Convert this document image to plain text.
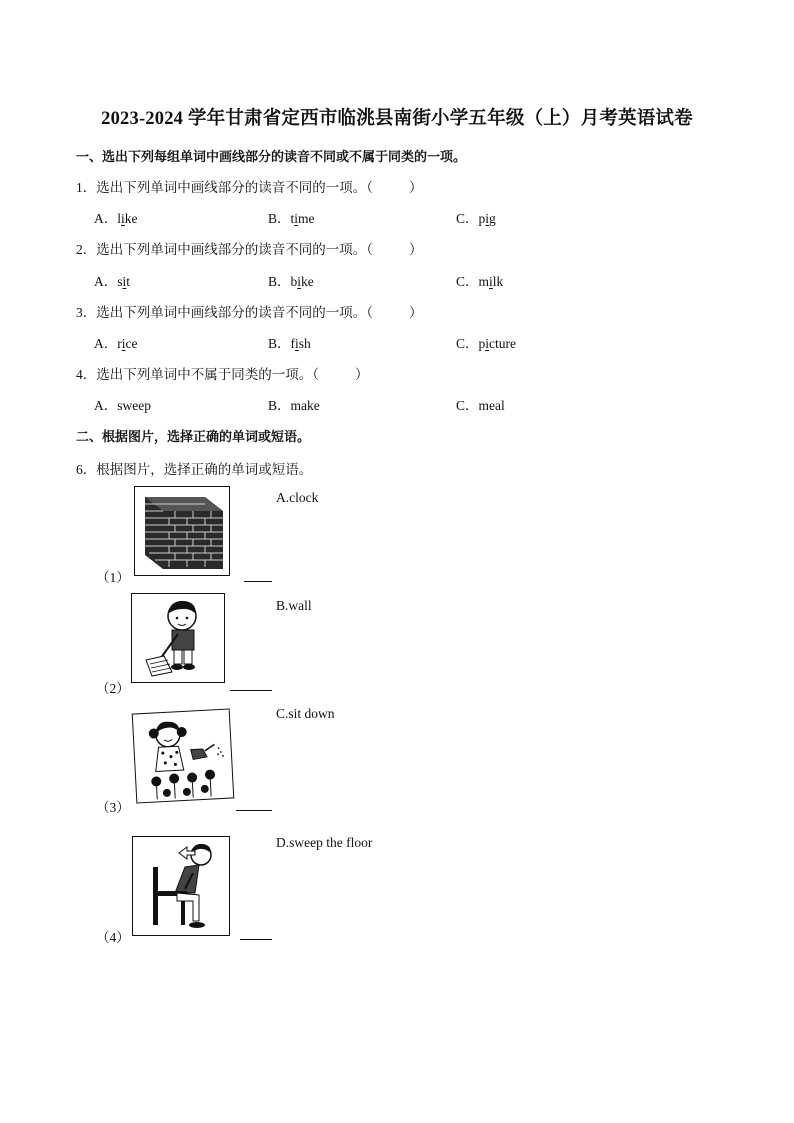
2023-2024 学年甘肃省定西市临洮县南街小学五年级（上）月考英语试卷
一、选出下列每组单词中画线部分的读音不同或不属于同类的一项。
1．选出下列单词中画线部分的读音不同的一项。（	）
A．like	B．time	C．pig
2．选出下列单词中画线部分的读音不同的一项。（	）
A．sit	B．bike	C．milk
3．选出下列单词中画线部分的读音不同的一项。（	）
A．rice	B．fish	C．picture
4．选出下列单词中不属于同类的一项。（	）
A．sweep	B．make	C．meal
二、根据图片，选择正确的单词或短语。
6．根据图片，选择正确的单词或短语。
（1）
A.clock
（2）
B.wall
（3）
C.sit down
（4）
D.sweep the floor
